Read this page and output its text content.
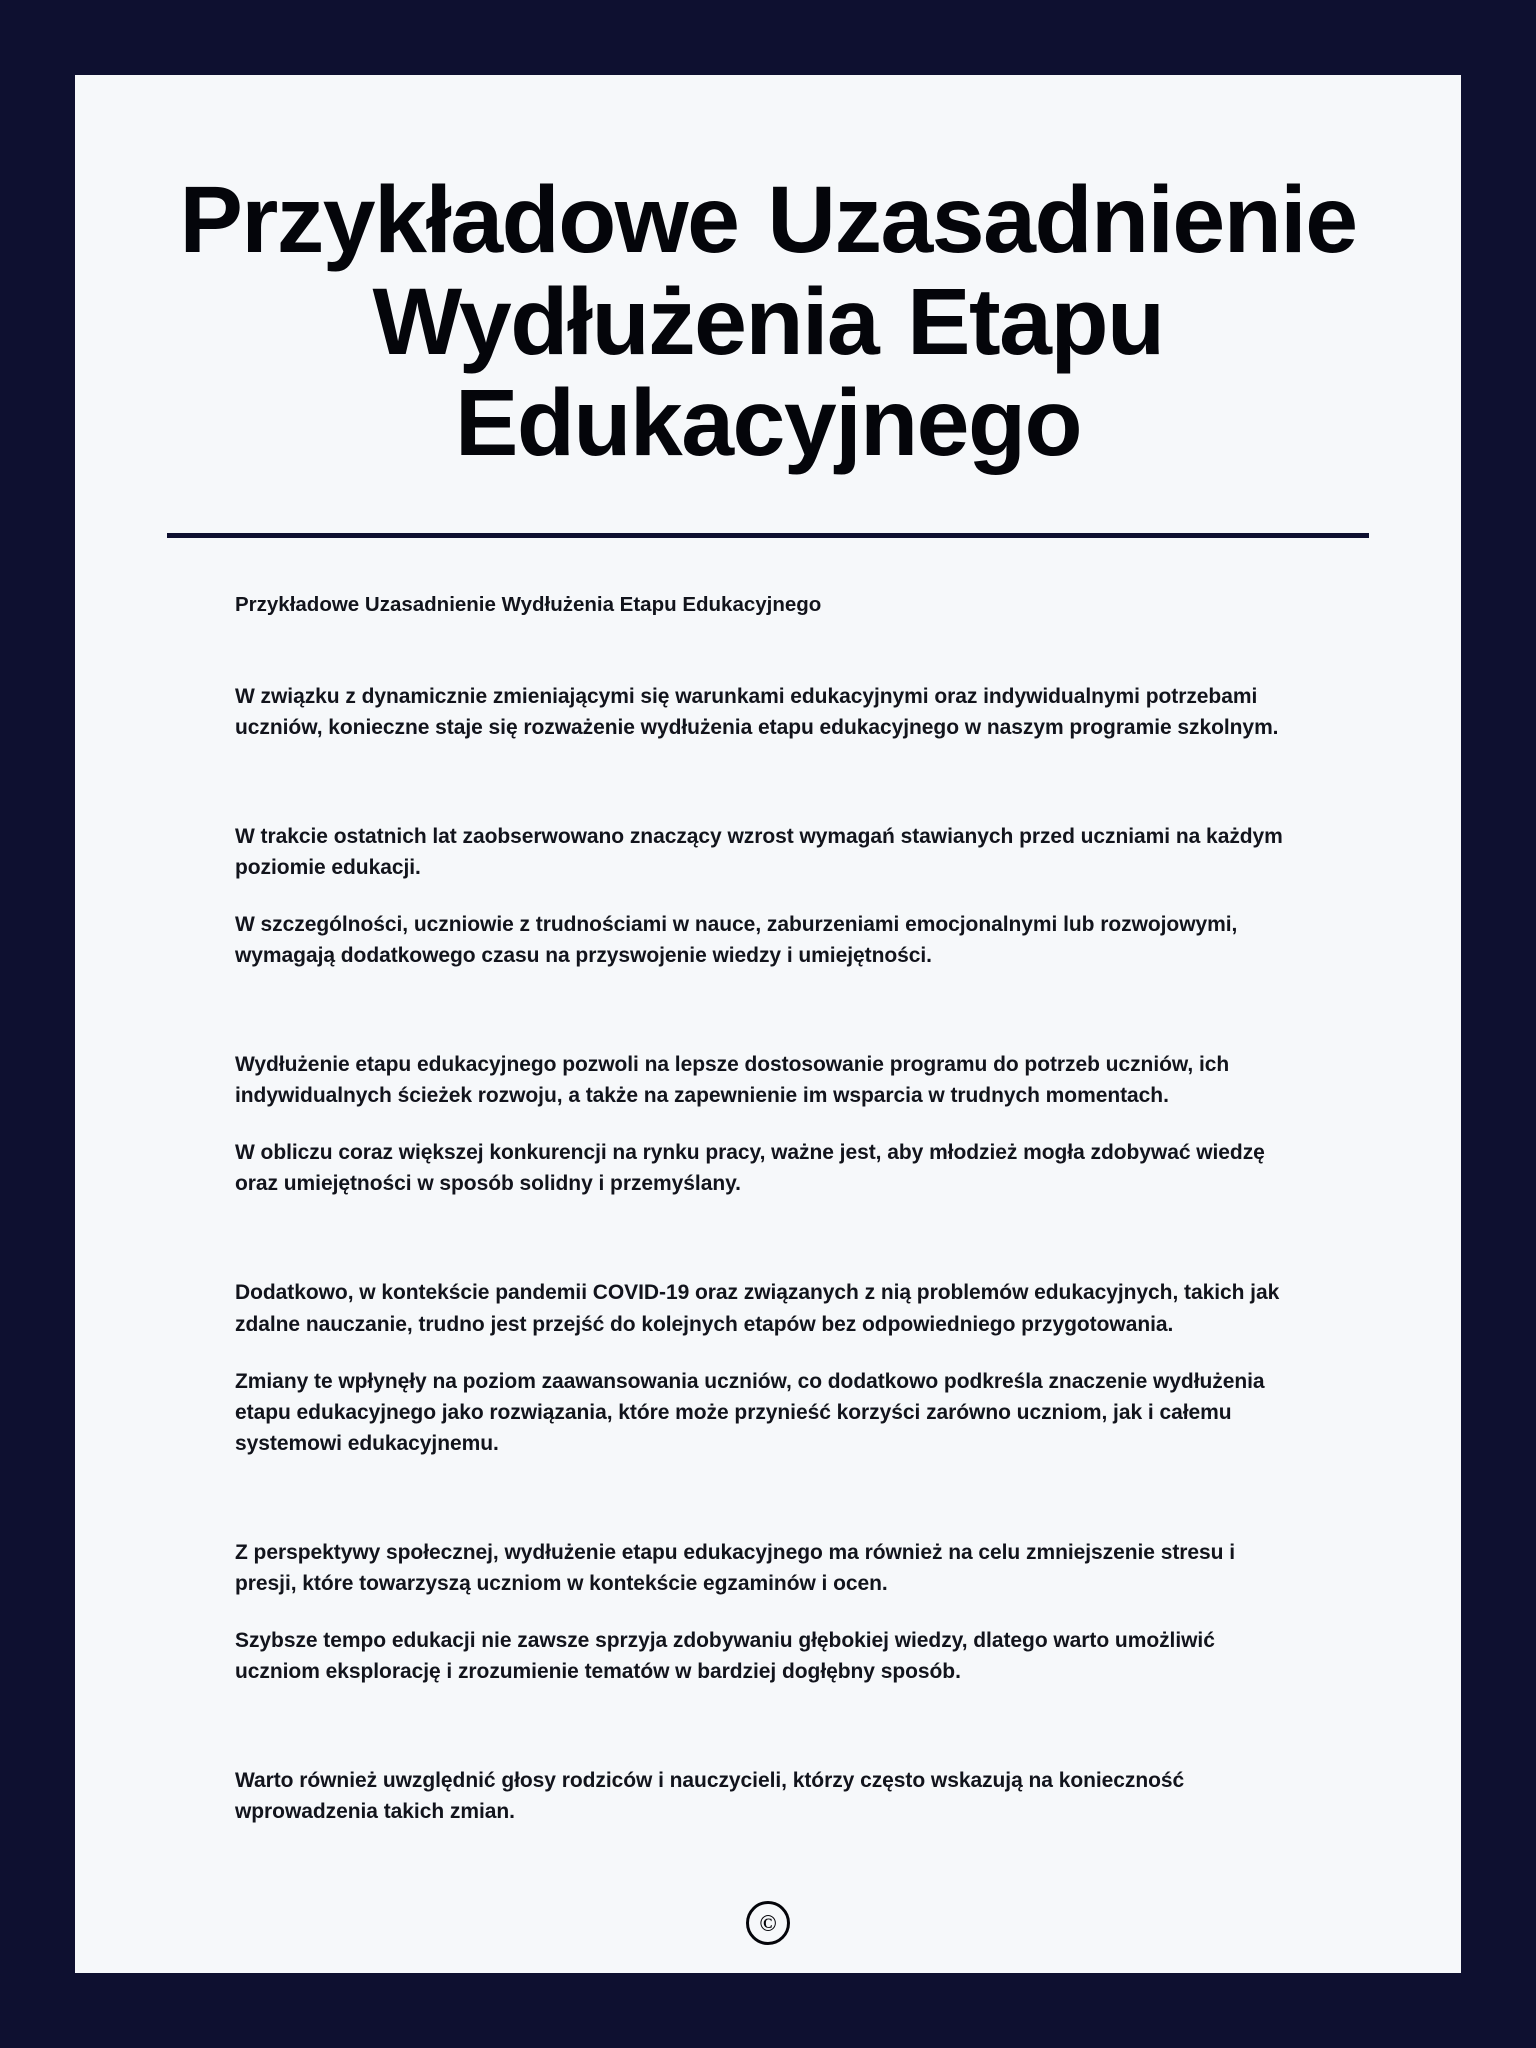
Przykładowe Uzasadnienie Wydłużenia Etapu Edukacyjnego

Przykładowe Uzasadnienie Wydłużenia Etapu Edukacyjnego

W związku z dynamicznie zmieniającymi się warunkami edukacyjnymi oraz indywidualnymi potrzebami uczniów, konieczne staje się rozważenie wydłużenia etapu edukacyjnego w naszym programie szkolnym.

W trakcie ostatnich lat zaobserwowano znaczący wzrost wymagań stawianych przed uczniami na każdym poziomie edukacji.

W szczególności, uczniowie z trudnościami w nauce, zaburzeniami emocjonalnymi lub rozwojowymi, wymagają dodatkowego czasu na przyswojenie wiedzy i umiejętności.

Wydłużenie etapu edukacyjnego pozwoli na lepsze dostosowanie programu do potrzeb uczniów, ich indywidualnych ścieżek rozwoju, a także na zapewnienie im wsparcia w trudnych momentach.

W obliczu coraz większej konkurencji na rynku pracy, ważne jest, aby młodzież mogła zdobywać wiedzę oraz umiejętności w sposób solidny i przemyślany.

Dodatkowo, w kontekście pandemii COVID-19 oraz związanych z nią problemów edukacyjnych, takich jak zdalne nauczanie, trudno jest przejść do kolejnych etapów bez odpowiedniego przygotowania.

Zmiany te wpłynęły na poziom zaawansowania uczniów, co dodatkowo podkreśla znaczenie wydłużenia etapu edukacyjnego jako rozwiązania, które może przynieść korzyści zarówno uczniom, jak i całemu systemowi edukacyjnemu.

Z perspektywy społecznej, wydłużenie etapu edukacyjnego ma również na celu zmniejszenie stresu i presji, które towarzyszą uczniom w kontekście egzaminów i ocen.

Szybsze tempo edukacji nie zawsze sprzyja zdobywaniu głębokiej wiedzy, dlatego warto umożliwić uczniom eksplorację i zrozumienie tematów w bardziej dogłębny sposób.

Warto również uwzględnić głosy rodziców i nauczycieli, którzy często wskazują na konieczność wprowadzenia takich zmian.

©
